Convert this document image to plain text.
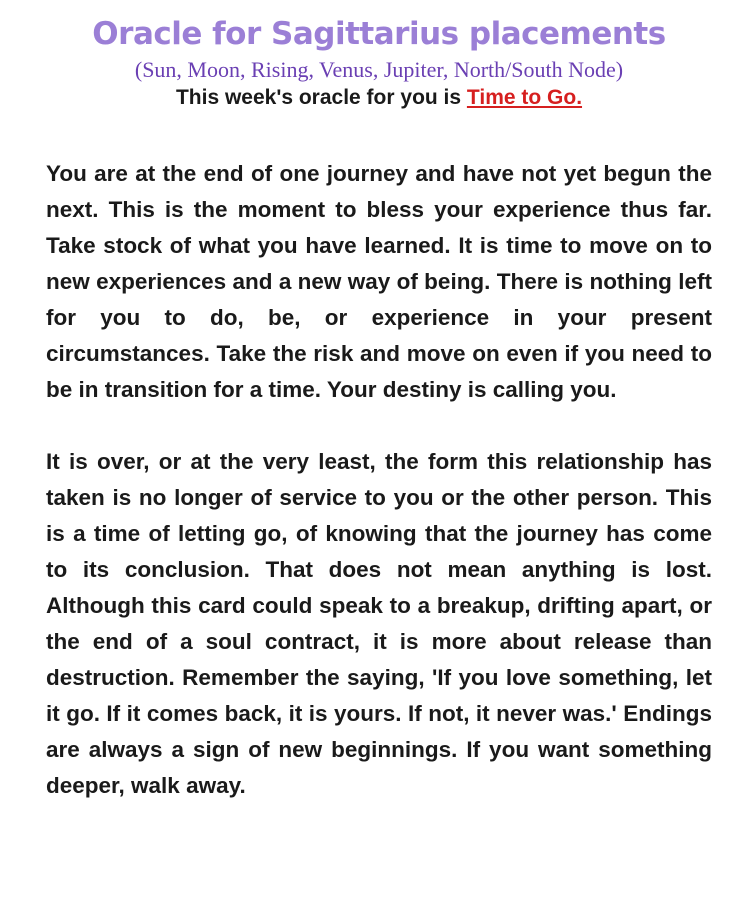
Oracle for Sagittarius placements

(Sun, Moon, Rising, Venus, Jupiter, North/South Node)

This week's oracle for you is Time to Go.

You are at the end of one journey and have not yet begun the next. This is the moment to bless your experience thus far. Take stock of what you have learned. It is time to move on to new experiences and a new way of being. There is nothing left for you to do, be, or experience in your present circumstances. Take the risk and move on even if you need to be in transition for a time. Your destiny is calling you.

It is over, or at the very least, the form this relationship has taken is no longer of service to you or the other person. This is a time of letting go, of knowing that the journey has come to its conclusion. That does not mean anything is lost. Although this card could speak to a breakup, drifting apart, or the end of a soul contract, it is more about release than destruction. Remember the saying, 'If you love something, let it go. If it comes back, it is yours. If not, it never was.' Endings are always a sign of new beginnings. If you want something deeper, walk away.
